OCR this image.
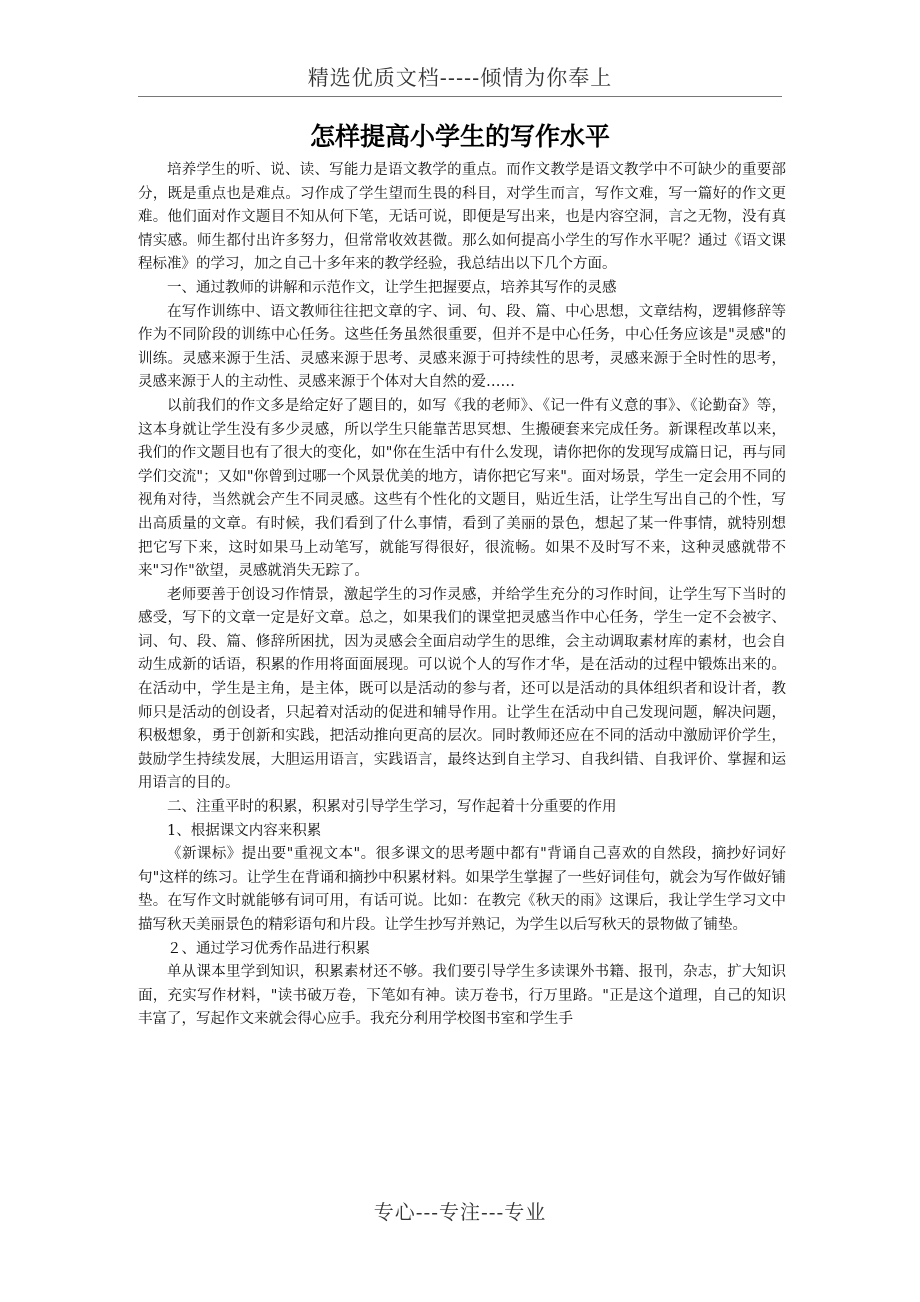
精选优质文档-----倾情为你奉上
怎样提高小学生的写作水平

培养学生的听、说、读、写能力是语文教学的重点。而作文教学是语文教学中不可缺少的重要部分，既是重点也是难点。习作成了学生望而生畏的科目，对学生而言，写作文难，写一篇好的作文更难。他们面对作文题目不知从何下笔，无话可说，即便是写出来，也是内容空洞，言之无物，没有真情实感。师生都付出许多努力，但常常收效甚微。那么如何提高小学生的写作水平呢？通过《语文课程标准》的学习，加之自己十多年来的教学经验，我总结出以下几个方面。

一、通过教师的讲解和示范作文，让学生把握要点，培养其写作的灵感

在写作训练中、语文教师往往把文章的字、词、句、段、篇、中心思想，文章结构，逻辑修辞等作为不同阶段的训练中心任务。这些任务虽然很重要，但并不是中心任务，中心任务应该是"灵感"的训练。灵感来源于生活、灵感来源于思考、灵感来源于可持续性的思考，灵感来源于全时性的思考，灵感来源于人的主动性、灵感来源于个体对大自然的爱……

以前我们的作文多是给定好了题目的，如写《我的老师》、《记一件有义意的事》、《论勤奋》等，这本身就让学生没有多少灵感，所以学生只能靠苦思冥想、生搬硬套来完成任务。新课程改革以来，我们的作文题目也有了很大的变化，如"你在生活中有什么发现，请你把你的发现写成篇日记，再与同学们交流"；又如"你曾到过哪一个风景优美的地方，请你把它写来"。面对场景，学生一定会用不同的视角对待，当然就会产生不同灵感。这些有个性化的文题目，贴近生活，让学生写出自己的个性，写出高质量的文章。有时候，我们看到了什么事情，看到了美丽的景色，想起了某一件事情，就特别想把它写下来，这时如果马上动笔写，就能写得很好，很流畅。如果不及时写不来，这种灵感就带不来"习作"欲望，灵感就消失无踪了。

老师要善于创设习作情景，激起学生的习作灵感，并给学生充分的习作时间，让学生写下当时的感受，写下的文章一定是好文章。总之，如果我们的课堂把灵感当作中心任务，学生一定不会被字、词、句、段、篇、修辞所困扰，因为灵感会全面启动学生的思维，会主动调取素材库的素材，也会自动生成新的话语，积累的作用将面面展现。可以说个人的写作才华，是在活动的过程中锻炼出来的。在活动中，学生是主角，是主体，既可以是活动的参与者，还可以是活动的具体组织者和设计者，教师只是活动的创设者，只起着对活动的促进和辅导作用。让学生在活动中自己发现问题，解决问题，积极想象，勇于创新和实践，把活动推向更高的层次。同时教师还应在不同的活动中激励评价学生，鼓励学生持续发展，大胆运用语言，实践语言，最终达到自主学习、自我纠错、自我评价、掌握和运用语言的目的。

二、注重平时的积累，积累对引导学生学习，写作起着十分重要的作用

1、根据课文内容来积累

《新课标》提出要"重视文本"。很多课文的思考题中都有"背诵自己喜欢的自然段，摘抄好词好句"这样的练习。让学生在背诵和摘抄中积累材料。如果学生掌握了一些好词佳句，就会为写作做好铺垫。在写作文时就能够有词可用，有话可说。比如：在教完《秋天的雨》这课后，我让学生学习文中描写秋天美丽景色的精彩语句和片段。让学生抄写并熟记，为学生以后写秋天的景物做了铺垫。

２、通过学习优秀作品进行积累

单从课本里学到知识，积累素材还不够。我们要引导学生多读课外书籍、报刊，杂志，扩大知识面，充实写作材料，"读书破万卷，下笔如有神。读万卷书，行万里路。"正是这个道理，自己的知识丰富了，写起作文来就会得心应手。我充分利用学校图书室和学生手

专心---专注---专业
